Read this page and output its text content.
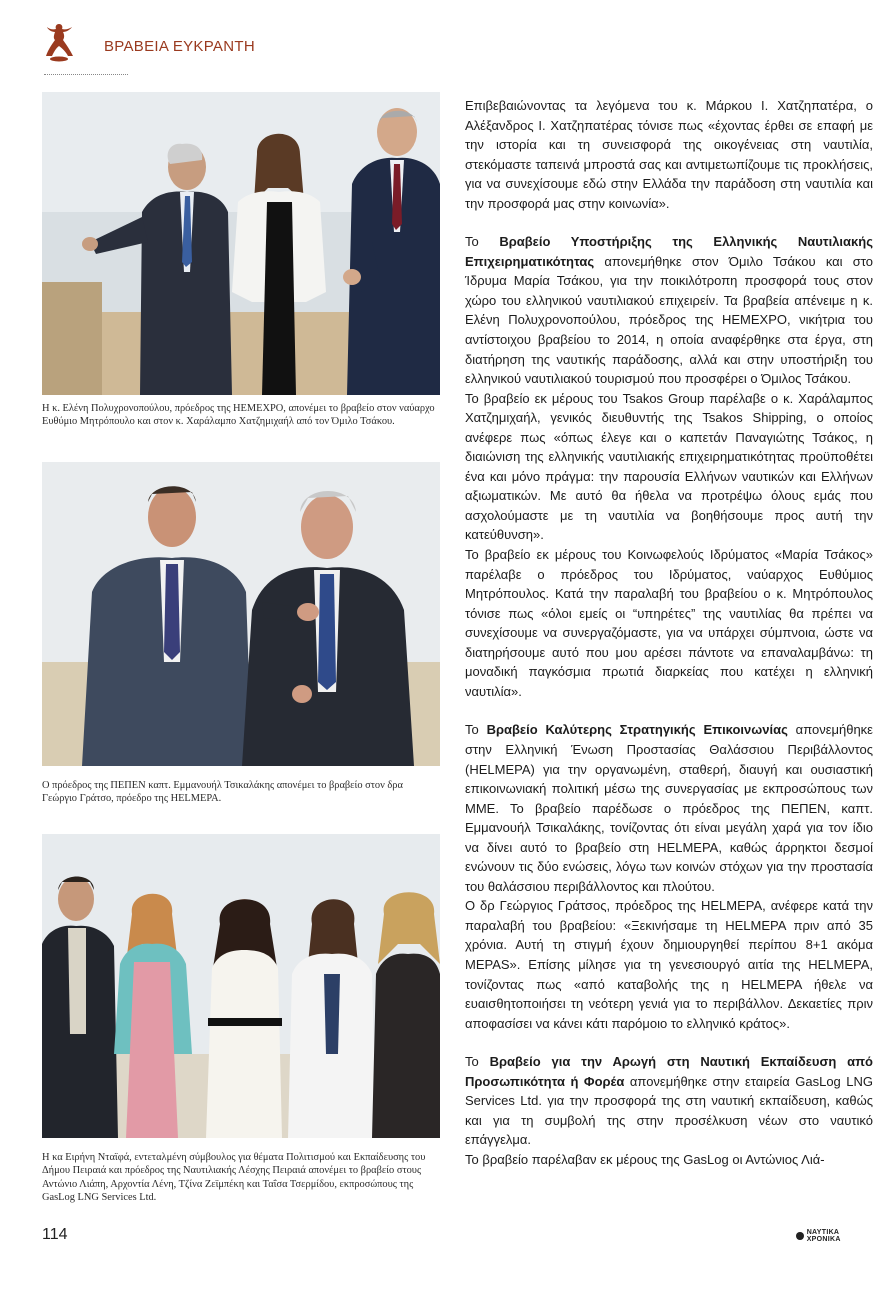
ΒΡΑΒΕΙΑ ΕΥΚΡΑΝΤΗ
Η κ. Ελένη Πολυχρονοπούλου, πρόεδρος της ΗΕΜΕΧΡΟ, απονέμει το βραβείο στον ναύαρχο Ευθύμιο Μητρόπουλο και στον κ. Χαράλαμπο Χατζημιχαήλ από τον Όμιλο Τσάκου.
Ο πρόεδρος της ΠΕΠΕΝ καπτ. Εμμανουήλ Τσικαλάκης απονέμει το βραβείο στον δρα Γεώργιο Γράτσο, πρόεδρο της HELMEPA.
Η κα Ειρήνη Νταϊφά, εντεταλμένη σύμβουλος για θέματα Πολιτισμού και Εκπαίδευσης του Δήμου Πειραιά και πρόεδρος της Ναυτιλιακής Λέσχης Πειραιά απονέμει το βραβείο στους Αντώνιο Λιάπη, Αρχοντία Λένη, Τζίνα Ζεϊμπέκη και Ταΐσα Τσερμίδου, εκπροσώπους της GasLog LNG Services Ltd.

Επιβεβαιώνοντας τα λεγόμενα του κ. Μάρκου Ι. Χατζηπατέρα, ο Αλέξανδρος Ι. Χατζηπατέρας τόνισε πως «έχοντας έρθει σε επαφή με την ιστορία και τη συνεισφορά της οικογένειας στη ναυτιλία, στεκόμαστε ταπεινά μπροστά σας και αντιμετωπίζουμε τις προκλήσεις, για να συνεχίσουμε εδώ στην Ελλάδα την παράδοση στη ναυτιλία και την προσφορά μας στην κοινωνία».

Το Βραβείο Υποστήριξης της Ελληνικής Ναυτιλιακής Επιχειρηματικότητας απονεμήθηκε στον Όμιλο Τσάκου και στο Ίδρυμα Μαρία Τσάκου, για την ποικιλότροπη προσφορά τους στον χώρο του ελληνικού ναυτιλιακού επιχειρείν. Τα βραβεία απένειμε η κ. Ελένη Πολυχρονοπούλου, πρόεδρος της ΗΕΜΕΧΡΟ, νικήτρια του αντίστοιχου βραβείου το 2014, η οποία αναφέρθηκε στα έργα, στη διατήρηση της ναυτικής παράδοσης, αλλά και στην υποστήριξη του ελληνικού ναυτιλιακού τουρισμού που προσφέρει ο Όμιλος Τσάκου.

Το βραβείο εκ μέρους του Tsakos Group παρέλαβε ο κ. Χαράλαμπος Χατζημιχαήλ, γενικός διευθυντής της Tsakos Shipping, ο οποίος ανέφερε πως «όπως έλεγε και ο καπετάν Παναγιώτης Τσάκος, η διαιώνιση της ελληνικής ναυτιλιακής επιχειρηματικότητας προϋποθέτει ένα και μόνο πράγμα: την παρουσία Ελλήνων ναυτικών και Ελλήνων αξιωματικών. Με αυτό θα ήθελα να προτρέψω όλους εμάς που ασχολούμαστε με τη ναυτιλία να βοηθήσουμε προς αυτή την κατεύθυνση».

Το βραβείο εκ μέρους του Κοινωφελούς Ιδρύματος «Μαρία Τσάκος» παρέλαβε ο πρόεδρος του Ιδρύματος, ναύαρχος Ευθύμιος Μητρόπουλος. Κατά την παραλαβή του βραβείου ο κ. Μητρόπουλος τόνισε πως «όλοι εμείς οι “υπηρέτες” της ναυτιλίας θα πρέπει να συνεχίσουμε να συνεργαζόμαστε, για να υπάρχει σύμπνοια, ώστε να διατηρήσουμε αυτό που μου αρέσει πάντοτε να επαναλαμβάνω: τη μοναδική παγκόσμια πρωτιά διαρκείας που κατέχει η ελληνική ναυτιλία».

Το Βραβείο Καλύτερης Στρατηγικής Επικοινωνίας απονεμήθηκε στην Ελληνική Ένωση Προστασίας Θαλάσσιου Περιβάλλοντος (HELMEPA) για την οργανωμένη, σταθερή, διαυγή και ουσιαστική επικοινωνιακή πολιτική μέσω της συνεργασίας με εκπροσώπους των ΜΜΕ. Το βραβείο παρέδωσε ο πρόεδρος της ΠΕΠΕΝ, καπτ. Εμμανουήλ Τσικαλάκης, τονίζοντας ότι είναι μεγάλη χαρά για τον ίδιο να δίνει αυτό το βραβείο στη HELMEPA, καθώς άρρηκτοι δεσμοί ενώνουν τις δύο ενώσεις, λόγω των κοινών στόχων για την προστασία του θαλάσσιου περιβάλλοντος και πλούτου.

Ο δρ Γεώργιος Γράτσος, πρόεδρος της HELMEPA, ανέφερε κατά την παραλαβή του βραβείου: «Ξεκινήσαμε τη HELMEPA πριν από 35 χρόνια. Αυτή τη στιγμή έχουν δημιουργηθεί περίπου 8+1 ακόμα MEPAS». Επίσης μίλησε για τη γενεσιουργό αιτία της HELMEPA, τονίζοντας πως «από καταβολής της η HELMEPA ήθελε να ευαισθητοποιήσει τη νεότερη γενιά για το περιβάλλον. Δεκαετίες πριν αποφασίσει να κάνει κάτι παρόμοιο το ελληνικό κράτος».

Το Βραβείο για την Αρωγή στη Ναυτική Εκπαίδευση από Προσωπικότητα ή Φορέα απονεμήθηκε στην εταιρεία GasLog LNG Services Ltd. για την προσφορά της στη ναυτική εκπαίδευση, καθώς και για τη συμβολή της στην προσέλκυση νέων στο ναυτικό επάγγελμα.

Το βραβείο παρέλαβαν εκ μέρους της GasLog οι Αντώνιος Λιά-

114	ΝΑΥΤΙΚΑ ΧΡΟΝΙΚΑ
